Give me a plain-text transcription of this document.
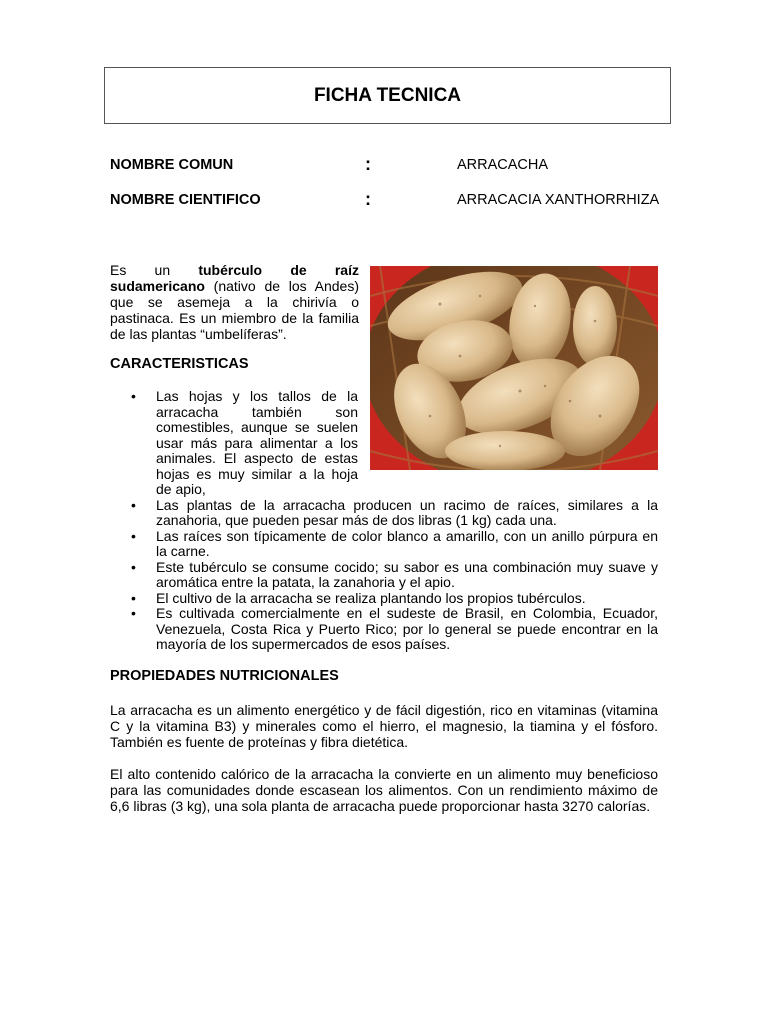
FICHA TECNICA
NOMBRE COMUN	:	ARRACACHA
NOMBRE CIENTIFICO	:	ARRACACIA XANTHORRHIZA
Es un tubérculo de raíz sudamericano (nativo de los Andes) que se asemeja a la chirivía o pastinaca. Es un miembro de la familia de las plantas “umbelíferas”.
CARACTERISTICAS
• Las hojas y los tallos de la arracacha también son comestibles, aunque se suelen usar más para alimentar a los animales. El aspecto de estas hojas es muy similar a la hoja de apio,
• Las plantas de la arracacha producen un racimo de raíces, similares a la zanahoria, que pueden pesar más de dos libras (1 kg) cada una.
• Las raíces son típicamente de color blanco a amarillo, con un anillo púrpura en la carne.
• Este tubérculo se consume cocido; su sabor es una combinación muy suave y aromática entre la patata, la zanahoria y el apio.
• El cultivo de la arracacha se realiza plantando los propios tubérculos.
• Es cultivada comercialmente en el sudeste de Brasil, en Colombia, Ecuador, Venezuela, Costa Rica y Puerto Rico; por lo general se puede encontrar en la mayoría de los supermercados de esos países.
PROPIEDADES NUTRICIONALES
La arracacha es un alimento energético y de fácil digestión, rico en vitaminas (vitamina C y la vitamina B3) y minerales como el hierro, el magnesio, la tiamina y el fósforo. También es fuente de proteínas y fibra dietética.
El alto contenido calórico de la arracacha la convierte en un alimento muy beneficioso para las comunidades donde escasean los alimentos. Con un rendimiento máximo de 6,6 libras (3 kg), una sola planta de arracacha puede proporcionar hasta 3270 calorías.
